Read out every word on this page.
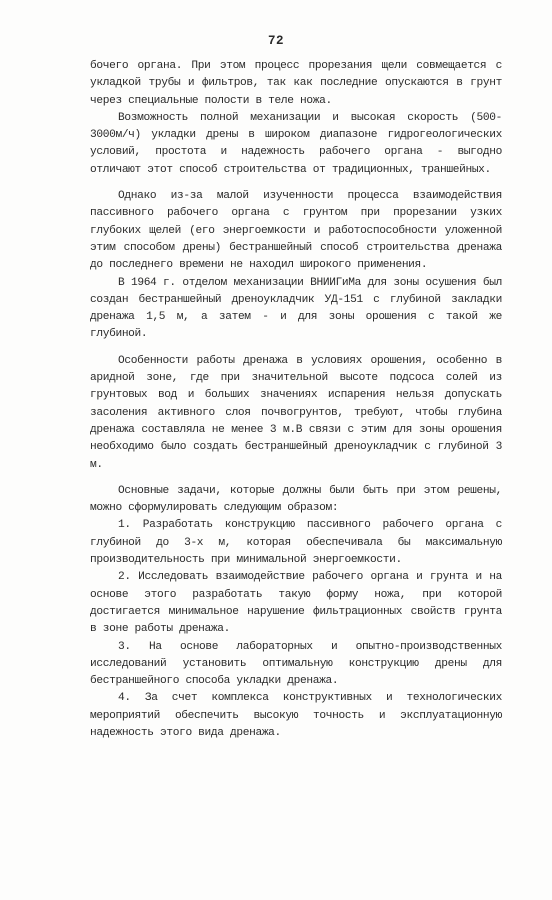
72

бочего органа. При этом процесс прорезания щели совмещается с укладкой трубы и фильтров, так как последние опускаются в грунт через специальные полости в теле ножа.

Возможность полной механизации и высокая скорость (500-3000м/ч) укладки дрены в широком диапазоне гидрогеологических условий, простота и надежность рабочего органа - выгодно отличают этот способ строительства от традиционных, траншейных.

Однако из-за малой изученности процесса взаимодействия пассивного рабочего органа с грунтом при прорезании узких глубоких щелей (его энергоемкости и работоспособности уложенной этим способом дрены) бестраншейный способ строительства дренажа до последнего времени не находил широкого применения.

В 1964 г. отделом механизации ВНИИГиМа для зоны осушения был создан бестраншейный дреноукладчик УД-151 с глубиной закладки дренажа 1,5 м, а затем - и для зоны орошения с такой же глубиной.

Особенности работы дренажа в условиях орошения, особенно в аридной зоне, где при значительной высоте подсоса солей из грунтовых вод и больших значениях испарения нельзя допускать засоления активного слоя почвогрунтов, требуют, чтобы глубина дренажа составляла не менее 3 м.В связи с этим для зоны орошения необходимо было создать бестраншейный дреноукладчик с глубиной 3 м.

Основные задачи, которые должны были быть при этом решены, можно сформулировать следующим образом:

1. Разработать конструкцию пассивного рабочего органа с глубиной до 3-х м, которая обеспечивала бы максимальную производительность при минимальной энергоемкости.

2. Исследовать взаимодействие рабочего органа и грунта и на основе этого разработать такую форму ножа, при которой достигается минимальное нарушение фильтрационных свойств грунта в зоне работы дренажа.

3. На основе лабораторных и опытно-производственных исследований установить оптимальную конструкцию дрены для бестраншейного способа укладки дренажа.

4. За счет комплекса конструктивных и технологических мероприятий обеспечить высокую точность и эксплуатационную надежность этого вида дренажа.
